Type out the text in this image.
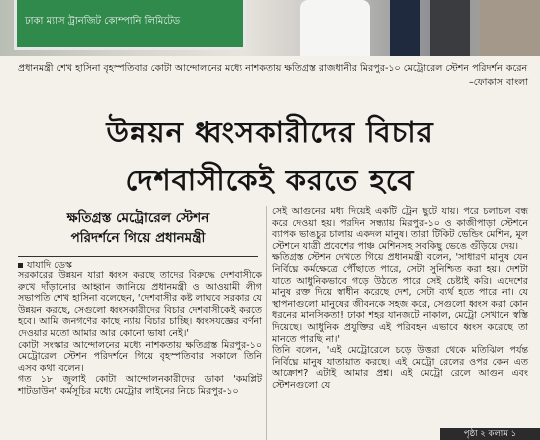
ঢাকা ম্যাস ট্রানজিট কোম্পানি লিমিটেড
প্রধানমন্ত্রী শেখ হাসিনা বৃহস্পতিবার কোটা আন্দোলনের মধ্যে নাশকতায় ক্ষতিগ্রস্ত রাজধানীর মিরপুর-১০ মেট্রোরেল স্টেশন পরিদর্শন করেন
–ফোকাস বাংলা
উন্নয়ন ধ্বংসকারীদের বিচার
দেশবাসীকেই করতে হবে
ক্ষতিগ্রস্ত মেট্রোরেল স্টেশন
পরিদর্শনে গিয়ে প্রধানমন্ত্রী
যাযাদি ডেস্ক

সরকারের উন্নয়ন যারা ধ্বংস করছে তাদের বিরুদ্ধে দেশবাসীকে রুখে দাঁড়ানোর আহ্বান জানিয়ে প্রধানমন্ত্রী ও আওয়ামী লীগ সভাপতি শেখ হাসিনা বলেছেন, 'দেশবাসীর কষ্ট লাঘবে সরকার যে উন্নয়ন করছে, সেগুলো ধ্বংসকারীদের বিচার দেশবাসীকেই করতে হবে। আমি জনগণের কাছে ন্যায় বিচার চাচ্ছি। ধ্বংসযজ্ঞের বর্ণনা দেওয়ার মতো আমার আর কোনো ভাষা নেই।'

কোটা সংস্কার আন্দোলনের মধ্যে নাশকতায় ক্ষতিগ্রস্ত মিরপুর-১০ মেট্রোরেল স্টেশন পরিদর্শনে গিয়ে বৃহস্পতিবার সকালে তিনি এসব কথা বলেন।

গত ১৮ জুলাই কোটা আন্দোলনকারীদের ডাকা 'কমপ্লিট শাটডাউন' কর্মসূচির মধ্যে মেট্রোর লাইনের নিচে মিরপুর-১০

সেই আগুনের মধ্য দিয়েই একটি ট্রেন ছুটে যায়। পরে চলাচল বন্ধ করে দেওয়া হয়। পরদিন সন্ধ্যায় মিরপুর-১০ ও কাজীপাড়া স্টেশনে ব্যাপক ভাঙচুর চালায় একদল মানুষ। তারা টিকিট ভেন্ডিং মেশিন, মূল স্টেশনে যাত্রী প্রবেশের পাঞ্চ মেশিনসহ সবকিছু ভেঙে গুঁড়িয়ে দেয়।

ক্ষতিগ্রস্ত স্টেশন দেখতে গিয়ে প্রধানমন্ত্রী বলেন, 'সাধারণ মানুষ যেন নির্বিঘ্নে কর্মক্ষেত্রে পৌঁছাতে পারে, সেটা সুনিশ্চিত করা হয়। দেশটা যাতে আধুনিকভাবে গড়ে উঠতে পারে সেই চেষ্টাই করি। এদেশের মানুষ রক্ত দিয়ে স্বাধীন করেছে দেশ, সেটা ব্যর্থ হতে পারে না। যে স্থাপনাগুলো মানুষের জীবনকে সহজ করে, সেগুলো ধ্বংস করা কোন ধরনের মানসিকতা! ঢাকা শহর যানজটে নাকাল, মেট্রো সেখানে স্বস্তি দিয়েছে। আধুনিক প্রযুক্তির এই পরিবহন এভাবে ধ্বংস করেছে তা মানতে পারছি না।'

তিনি বলেন, 'এই মেট্রোরেলে চড়ে উত্তরা থেকে মতিঝিল পর্যন্ত নির্বিঘ্নে মানুষ যাতায়াত করছে। এই মেট্রো রেলের ওপর কেন এত আক্রোশ? এটাই আমার প্রশ্ন। এই মেট্রো রেলে আগুন এবং স্টেশনগুলো যে

পৃষ্ঠা ২ কলাম ১
